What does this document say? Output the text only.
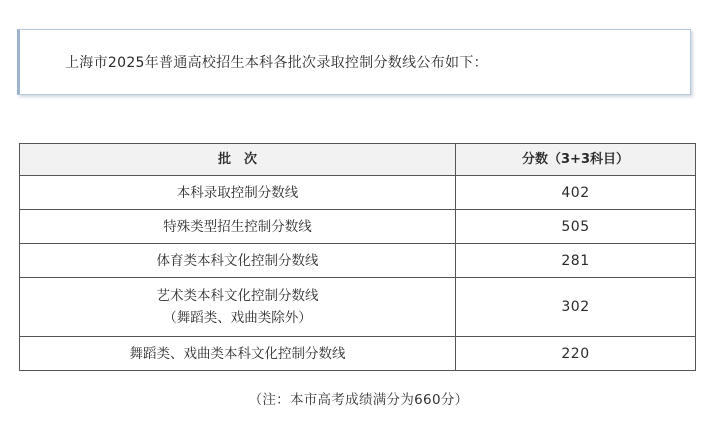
上海市2025年普通高校招生本科各批次录取控制分数线公布如下：
批　次	分数（3+3科目）

本科录取控制分数线	402

特殊类型招生控制分数线	505

体育类本科文化控制分数线	281

艺术类本科文化控制分数线
（舞蹈类、戏曲类除外）	302

舞蹈类、戏曲类本科文化控制分数线	220
（注：本市高考成绩满分为660分）
